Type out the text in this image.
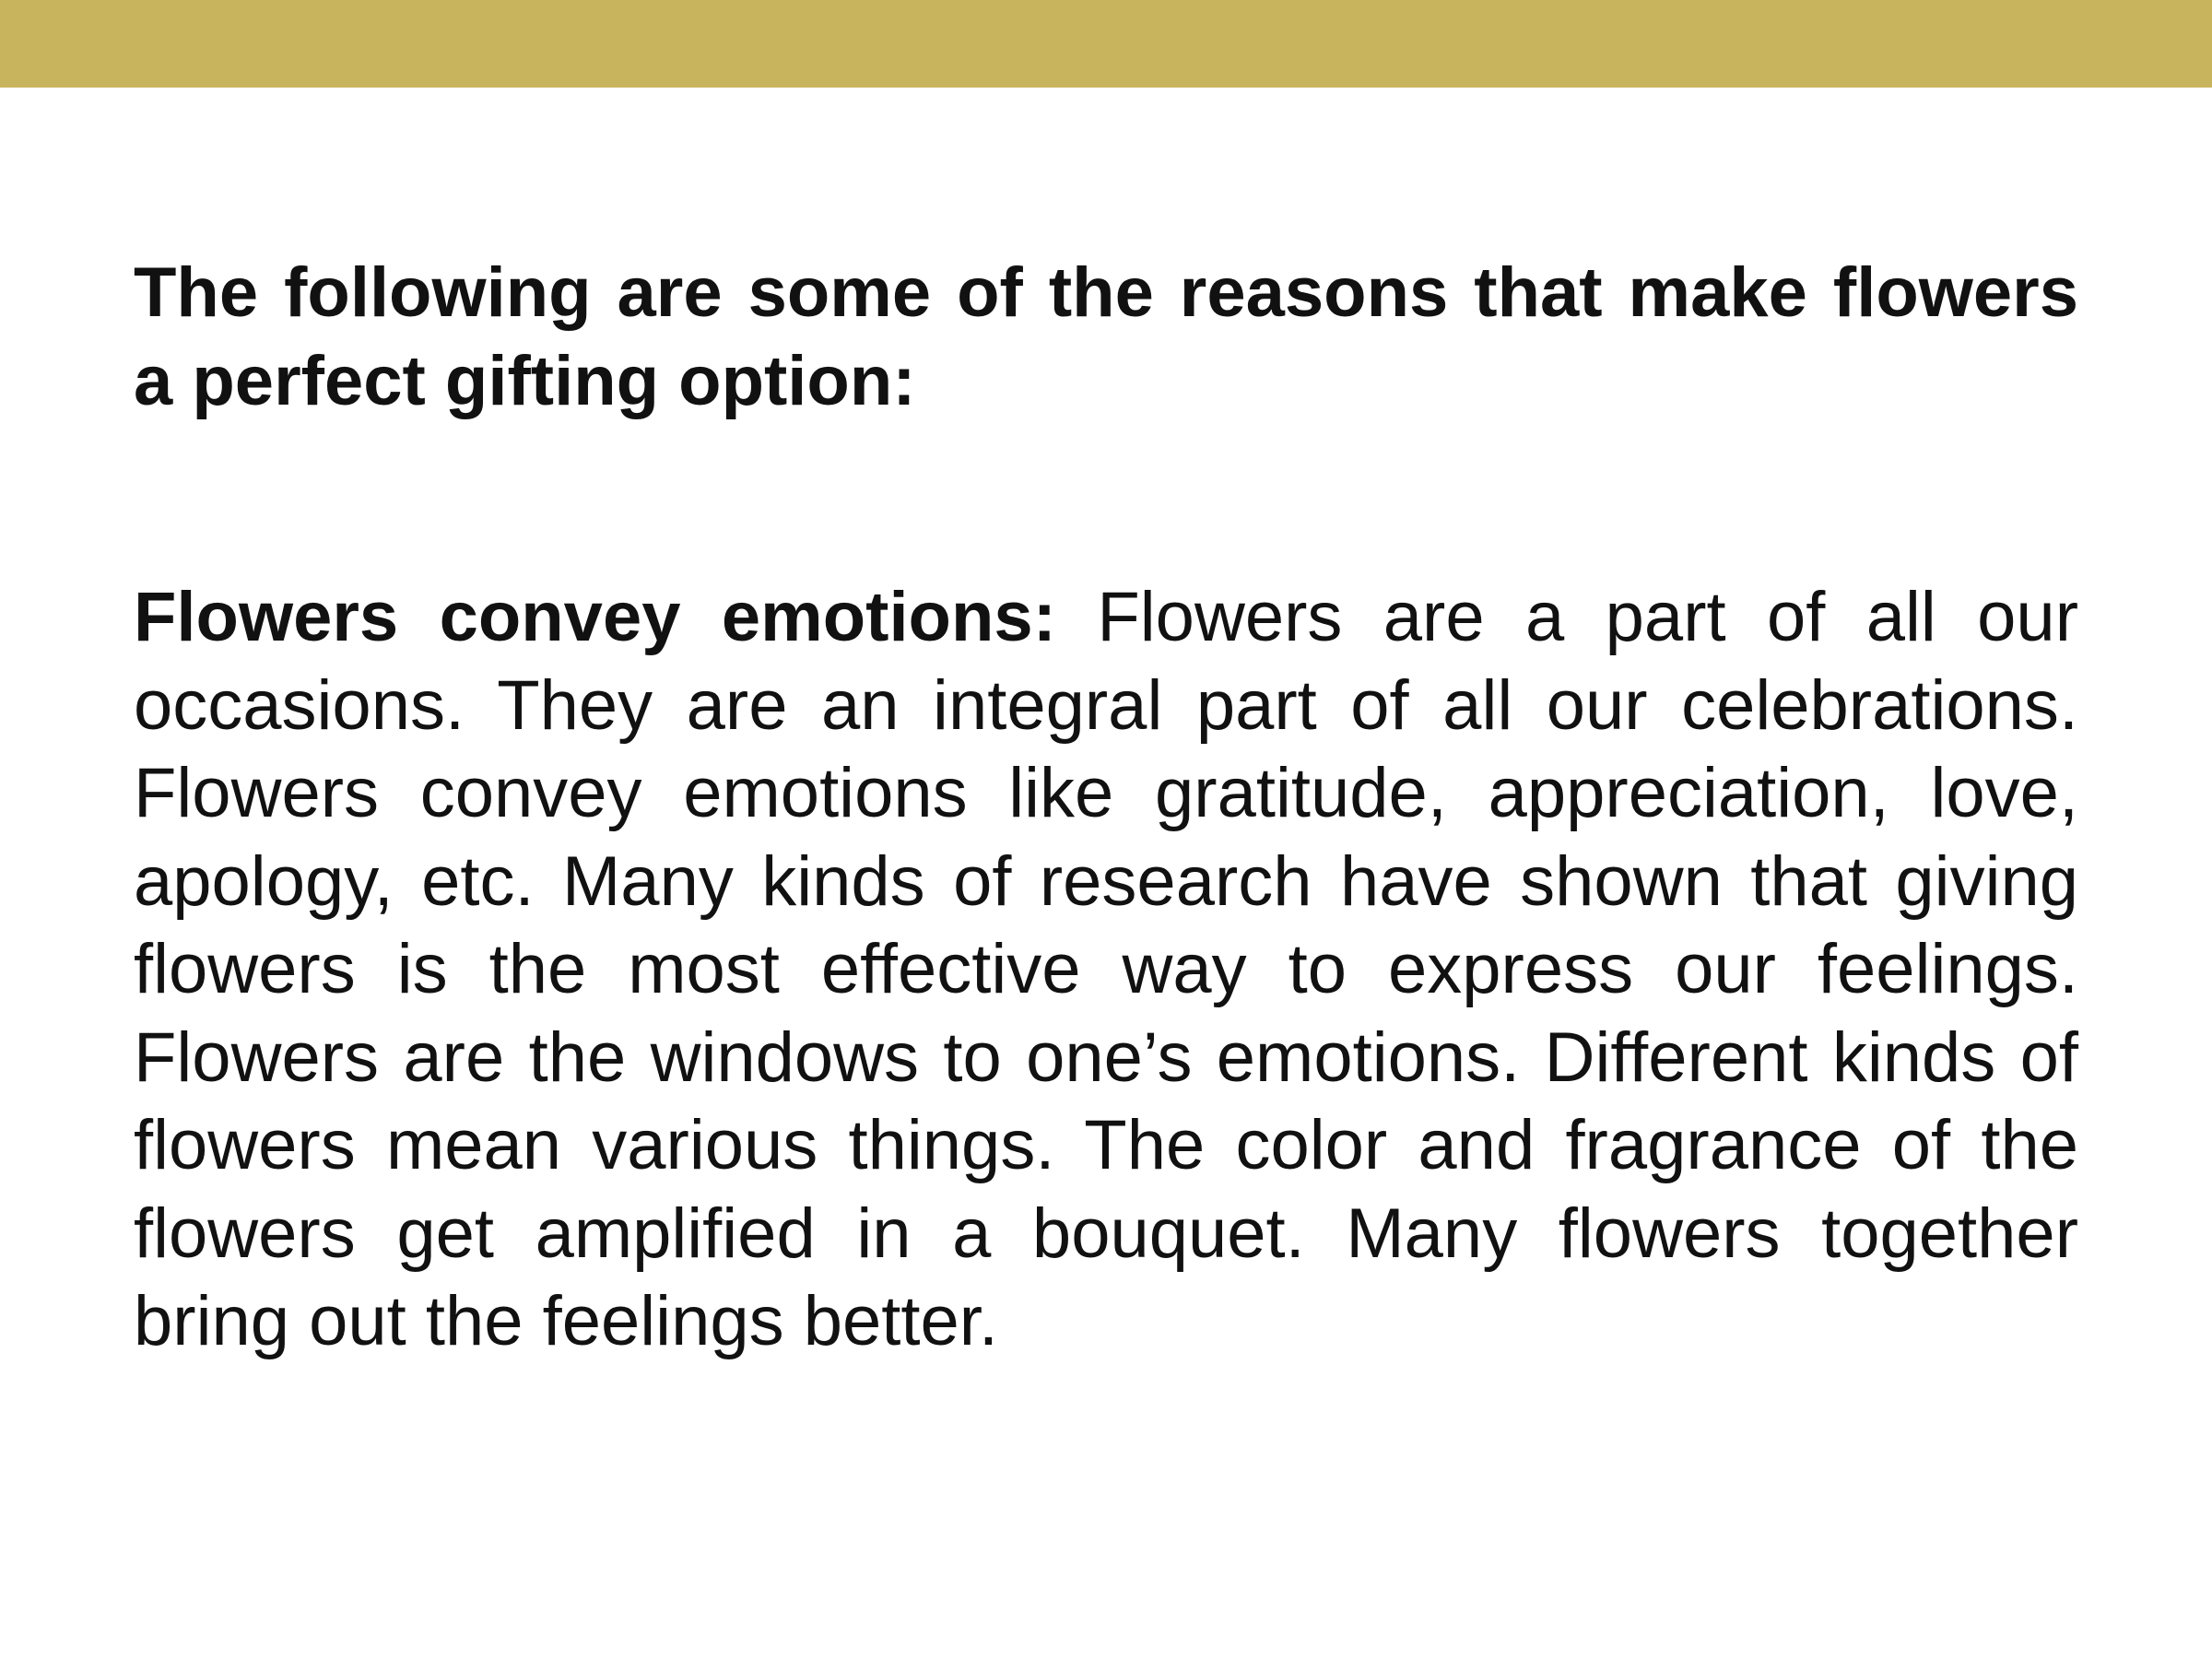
The following are some of the reasons that make flowers a perfect gifting option:

Flowers convey emotions: Flowers are a part of all our occasions. They are an integral part of all our celebrations. Flowers convey emotions like gratitude, appreciation, love, apology, etc. Many kinds of research have shown that giving flowers is the most effective way to express our feelings. Flowers are the windows to one’s emotions. Different kinds of flowers mean various things. The color and fragrance of the flowers get amplified in a bouquet. Many flowers together bring out the feelings better.
